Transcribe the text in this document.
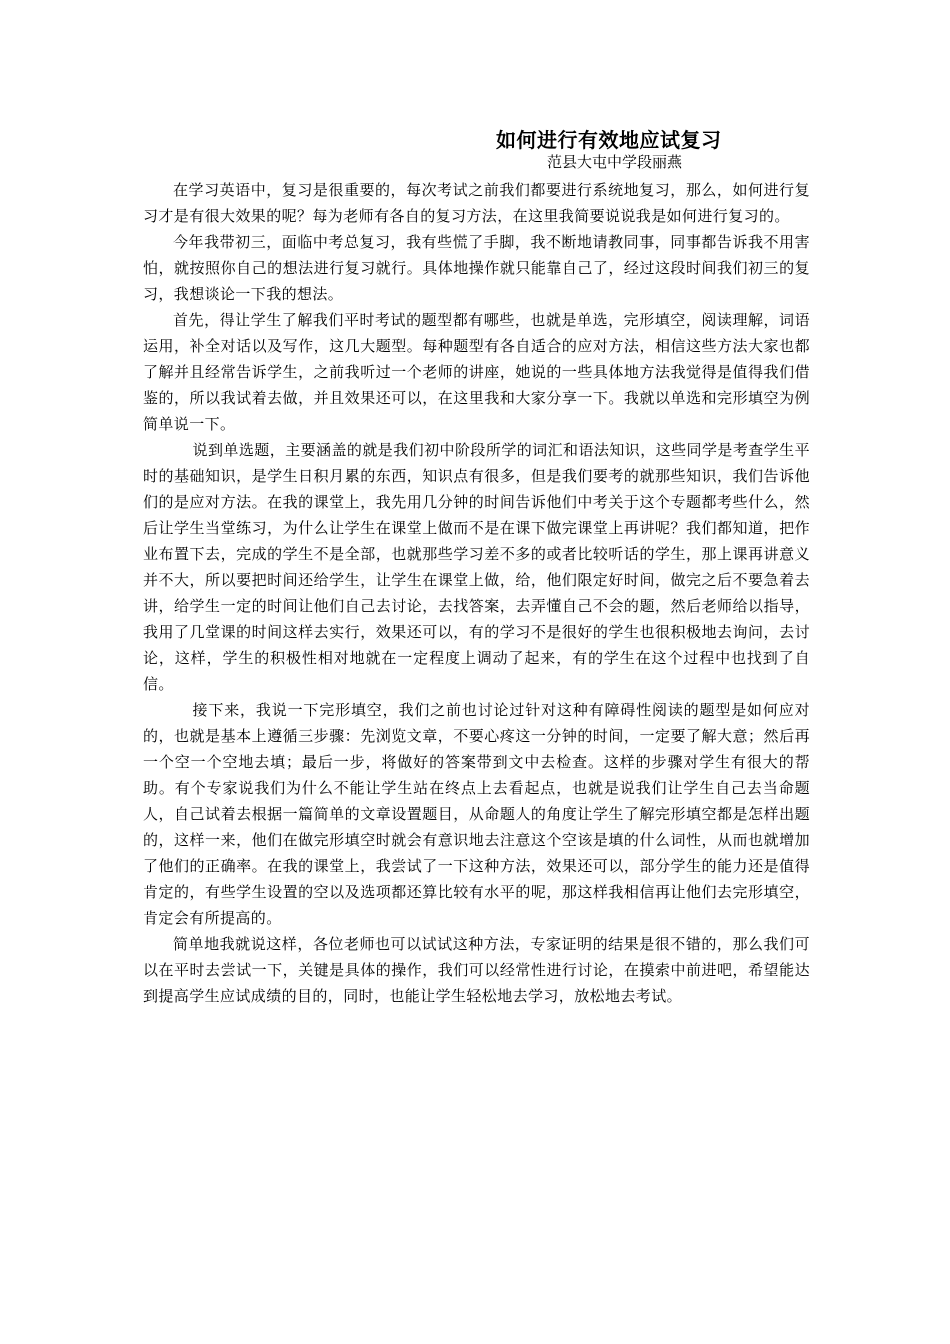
如何进行有效地应试复习
范县大屯中学段丽燕

在学习英语中，复习是很重要的，每次考试之前我们都要进行系统地复习，那么，如何进行复习才是有很大效果的呢？每为老师有各自的复习方法，在这里我简要说说我是如何进行复习的。

今年我带初三，面临中考总复习，我有些慌了手脚，我不断地请教同事，同事都告诉我不用害怕，就按照你自己的想法进行复习就行。具体地操作就只能靠自己了，经过这段时间我们初三的复习，我想谈论一下我的想法。

首先，得让学生了解我们平时考试的题型都有哪些，也就是单选，完形填空，阅读理解，词语运用，补全对话以及写作，这几大题型。每种题型有各自适合的应对方法，相信这些方法大家也都了解并且经常告诉学生，之前我听过一个老师的讲座，她说的一些具体地方法我觉得是值得我们借鉴的，所以我试着去做，并且效果还可以，在这里我和大家分享一下。我就以单选和完形填空为例简单说一下。

说到单选题，主要涵盖的就是我们初中阶段所学的词汇和语法知识，这些同学是考查学生平时的基础知识，是学生日积月累的东西，知识点有很多，但是我们要考的就那些知识，我们告诉他们的是应对方法。在我的课堂上，我先用几分钟的时间告诉他们中考关于这个专题都考些什么，然后让学生当堂练习，为什么让学生在课堂上做而不是在课下做完课堂上再讲呢？我们都知道，把作业布置下去，完成的学生不是全部，也就那些学习差不多的或者比较听话的学生，那上课再讲意义并不大，所以要把时间还给学生，让学生在课堂上做，给，他们限定好时间，做完之后不要急着去讲，给学生一定的时间让他们自己去讨论，去找答案，去弄懂自己不会的题，然后老师给以指导，我用了几堂课的时间这样去实行，效果还可以，有的学习不是很好的学生也很积极地去询问，去讨论，这样，学生的积极性相对地就在一定程度上调动了起来，有的学生在这个过程中也找到了自信。

接下来，我说一下完形填空，我们之前也讨论过针对这种有障碍性阅读的题型是如何应对的，也就是基本上遵循三步骤：先浏览文章，不要心疼这一分钟的时间，一定要了解大意；然后再一个空一个空地去填；最后一步，将做好的答案带到文中去检查。这样的步骤对学生有很大的帮助。有个专家说我们为什么不能让学生站在终点上去看起点，也就是说我们让学生自己去当命题人，自己试着去根据一篇简单的文章设置题目，从命题人的角度让学生了解完形填空都是怎样出题的，这样一来，他们在做完形填空时就会有意识地去注意这个空该是填的什么词性，从而也就增加了他们的正确率。在我的课堂上，我尝试了一下这种方法，效果还可以，部分学生的能力还是值得肯定的，有些学生设置的空以及选项都还算比较有水平的呢，那这样我相信再让他们去完形填空，肯定会有所提高的。

简单地我就说这样，各位老师也可以试试这种方法，专家证明的结果是很不错的，那么我们可以在平时去尝试一下，关键是具体的操作，我们可以经常性进行讨论，在摸索中前进吧，希望能达到提高学生应试成绩的目的，同时，也能让学生轻松地去学习，放松地去考试。
